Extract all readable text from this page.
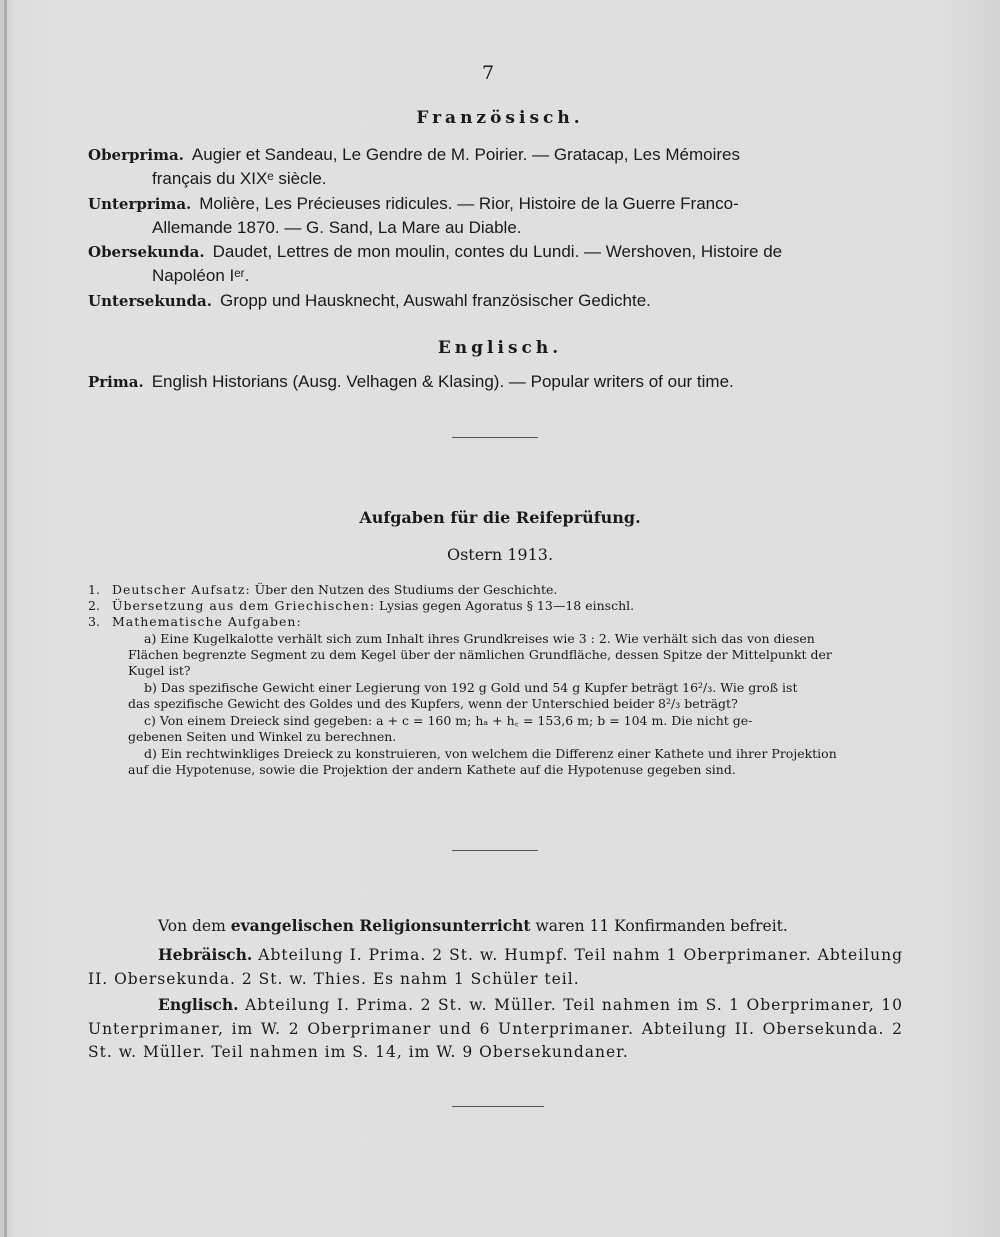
7
Französisch.
Oberprima. Augier et Sandeau, Le Gendre de M. Poirier. — Gratacap, Les Mémoires
français du XIXᵉ siècle.
Unterprima. Molière, Les Précieuses ridicules. — Rior, Histoire de la Guerre Franco-
Allemande 1870. — G. Sand, La Mare au Diable.
Obersekunda. Daudet, Lettres de mon moulin, contes du Lundi. — Wershoven, Histoire de
Napoléon Iᵉʳ.
Untersekunda. Gropp und Hausknecht, Auswahl französischer Gedichte.
Englisch.
Prima. English Historians (Ausg. Velhagen & Klasing). — Popular writers of our time.
Aufgaben für die Reifeprüfung.
Ostern 1913.
1. Deutscher Aufsatz: Über den Nutzen des Studiums der Geschichte.
2. Übersetzung aus dem Griechischen: Lysias gegen Agoratus § 13—18 einschl.
3. Mathematische Aufgaben:
a) Eine Kugelkalotte verhält sich zum Inhalt ihres Grundkreises wie 3 : 2. Wie verhält sich das von diesen
Flächen begrenzte Segment zu dem Kegel über der nämlichen Grundfläche, dessen Spitze der Mittelpunkt der
Kugel ist?
b) Das spezifische Gewicht einer Legierung von 192 g Gold und 54 g Kupfer beträgt 16²/₃. Wie groß ist
das spezifische Gewicht des Goldes und des Kupfers, wenn der Unterschied beider 8²/₃ beträgt?
c) Von einem Dreieck sind gegeben: a + c = 160 m; hₐ + h꜀ = 153,6 m; b = 104 m. Die nicht ge-
gebenen Seiten und Winkel zu berechnen.
d) Ein rechtwinkliges Dreieck zu konstruieren, von welchem die Differenz einer Kathete und ihrer Projektion
auf die Hypotenuse, sowie die Projektion der andern Kathete auf die Hypotenuse gegeben sind.
Von dem evangelischen Religionsunterricht waren 11 Konfirmanden befreit.
Hebräisch. Abteilung I. Prima. 2 St. w. Humpf. Teil nahm 1 Oberprimaner. Abteilung II. Obersekunda. 2 St. w. Thies. Es nahm 1 Schüler teil.
Englisch. Abteilung I. Prima. 2 St. w. Müller. Teil nahmen im S. 1 Oberprimaner, 10 Unterprimaner, im W. 2 Oberprimaner und 6 Unterprimaner. Abteilung II. Obersekunda. 2 St. w. Müller. Teil nahmen im S. 14, im W. 9 Obersekundaner.
